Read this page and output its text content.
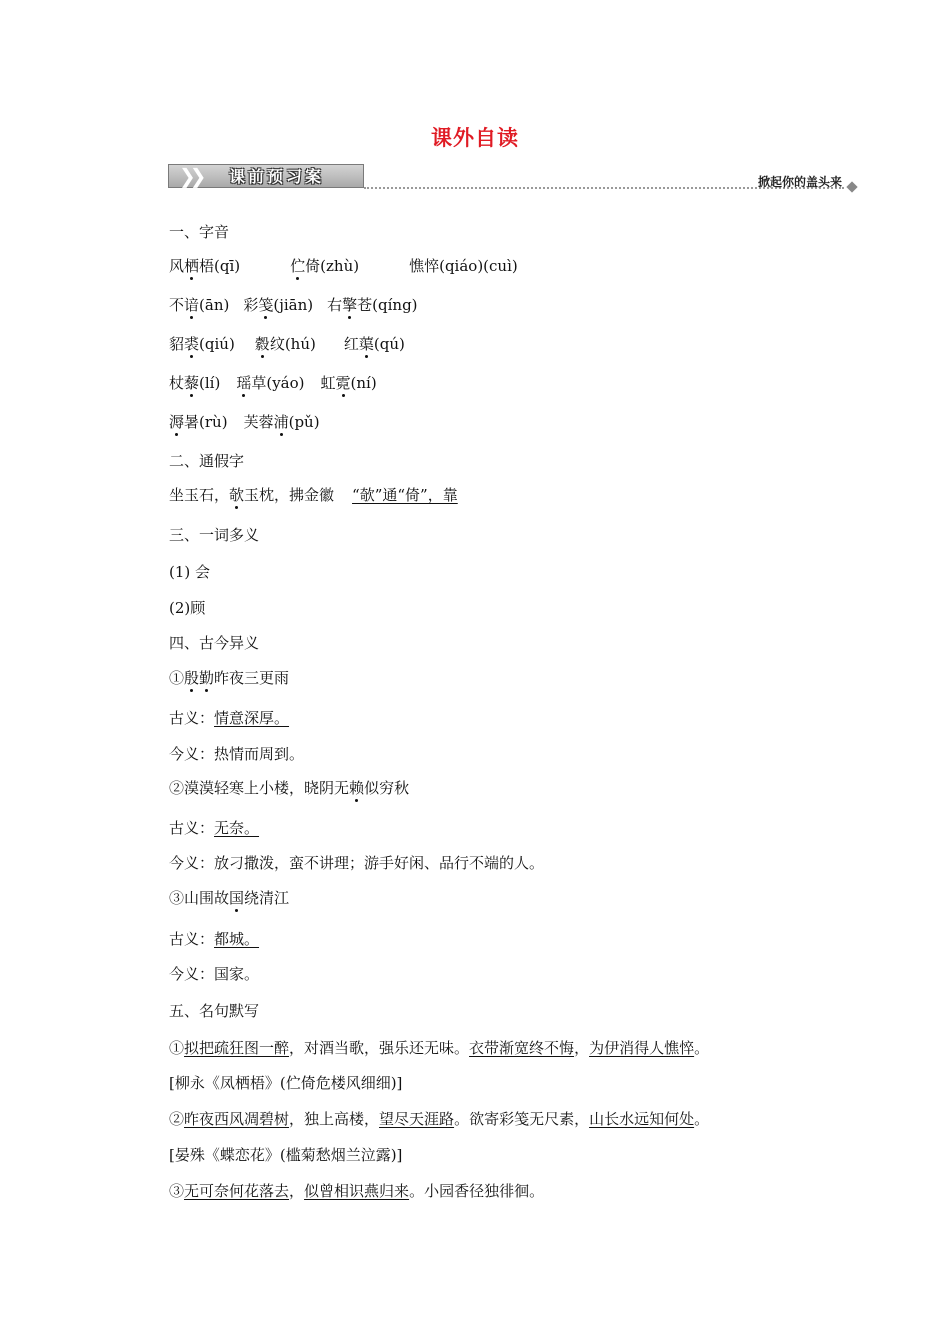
课外自读
❯❯ 课前预习案	掀起你的盖头来
一、字音
风栖梧(qī)	伫倚(zhù)	憔悴(qiáo)(cuì)
不谙(ān) 彩笺(jiān) 右擎苍(qíng)
貂裘(qiú) 縠纹(hú) 红蕖(qú)
杖藜(lí) 瑶草(yáo) 虹霓(ní)
溽暑(rù) 芙蓉浦(pǔ)
二、通假字
坐玉石，欹玉枕，拂金徽 “欹”通“倚”，靠
三、一词多义
(1) 会
(2)顾
四、古今异义
①殷勤昨夜三更雨
古义：情意深厚。
今义：热情而周到。
②漠漠轻寒上小楼，晓阴无赖似穷秋
古义：无奈。
今义：放刁撒泼，蛮不讲理；游手好闲、品行不端的人。
③山围故国绕清江
古义：都城。
今义：国家。
五、名句默写
①拟把疏狂图一醉，对酒当歌，强乐还无味。衣带渐宽终不悔，为伊消得人憔悴。
[柳永《凤栖梧》(伫倚危楼风细细)]
②昨夜西风凋碧树，独上高楼，望尽天涯路。欲寄彩笺无尺素，山长水远知何处。
[晏殊《蝶恋花》(槛菊愁烟兰泣露)]
③无可奈何花落去，似曾相识燕归来。小园香径独徘徊。
